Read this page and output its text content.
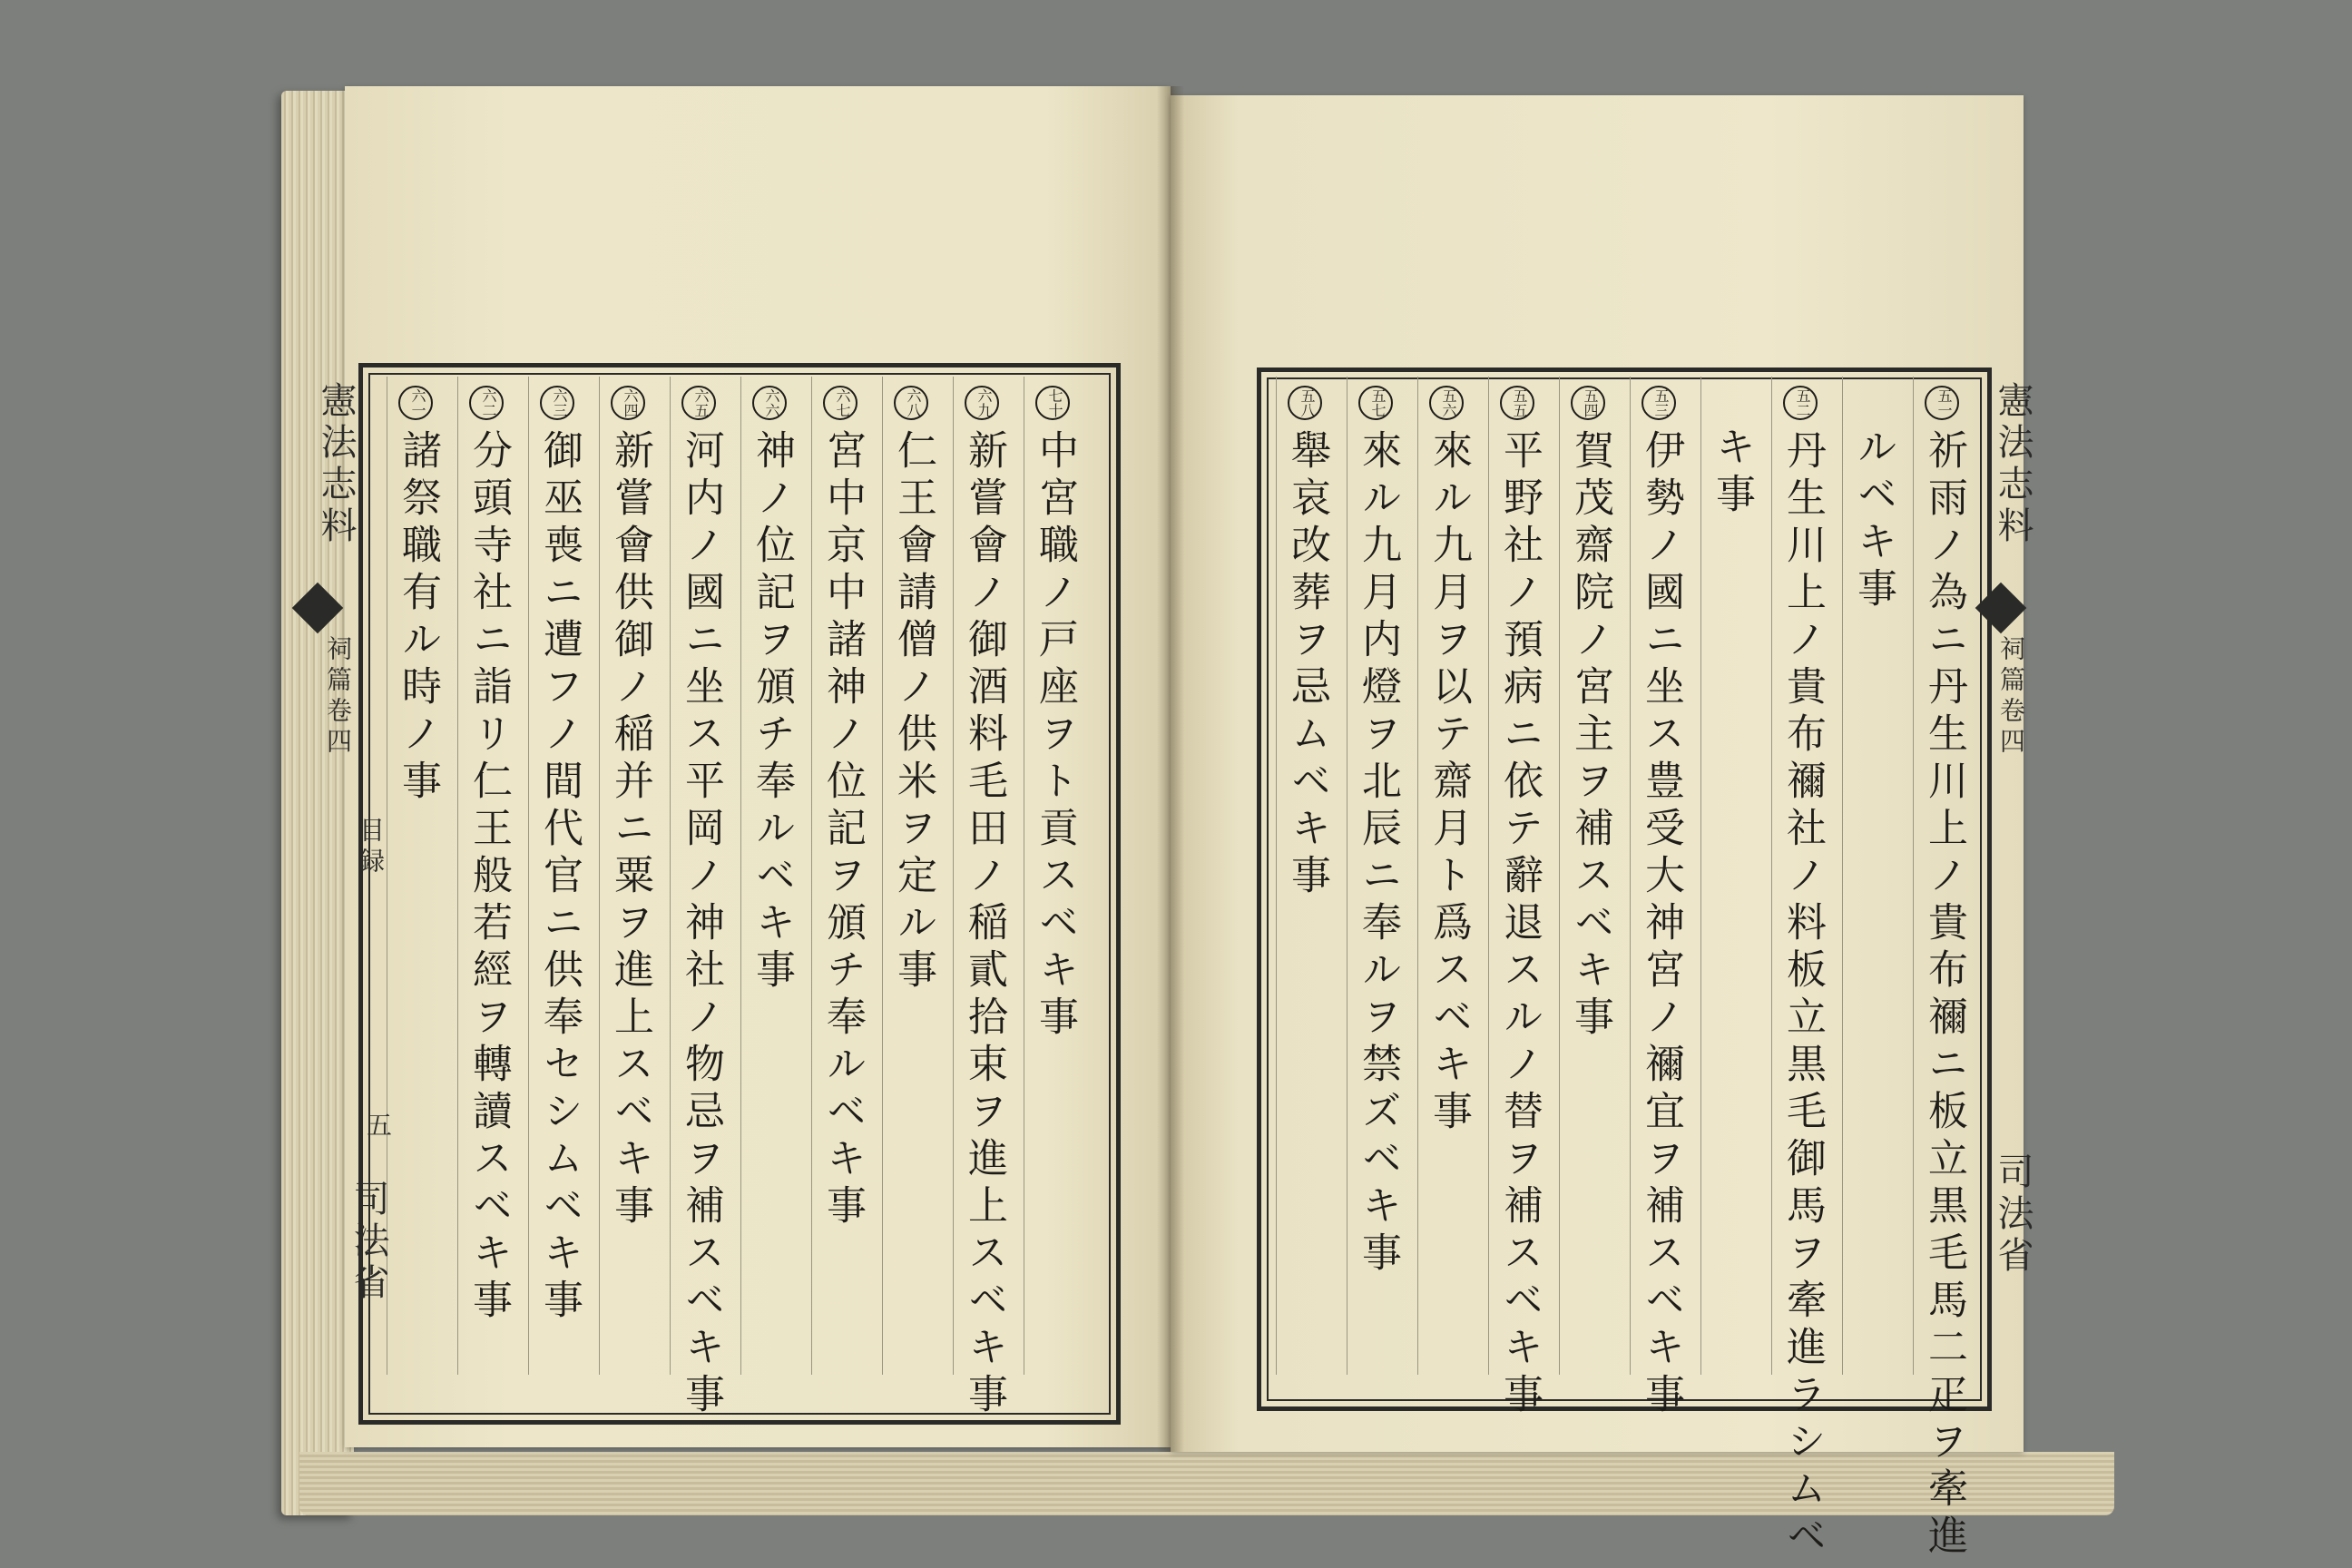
七十中宮職ノ戸座ヲト貢スベキ事
六九新嘗會ノ御酒料毛田ノ稲貳拾束ヲ進上スベキ事
六八仁王會請僧ノ供米ヲ定ル事
六七宮中京中諸神ノ位記ヲ頒チ奉ルベキ事
六六神ノ位記ヲ頒チ奉ルベキ事
六五河内ノ國ニ坐ス平岡ノ神社ノ物忌ヲ補スベキ事
六四新嘗會供御ノ稲并ニ粟ヲ進上スベキ事
六三御巫喪ニ遭フノ間代官ニ供奉セシムベキ事
六二分頭寺社ニ詣リ仁王般若經ヲ轉讀スベキ事
六一諸祭職有ル時ノ事
憲法志料
祠篇卷四
目録
五
司法省
五一祈雨ノ為ニ丹生川上ノ貴布禰ニ板立黒毛馬二疋ヲ牽進
ルベキ事
五二丹生川上ノ貴布禰社ノ料板立黒毛御馬ヲ牽進ラシムベ
キ事
五三伊勢ノ國ニ坐ス豊受大神宮ノ禰宜ヲ補スベキ事
五四賀茂齋院ノ宮主ヲ補スベキ事
五五平野社ノ預病ニ依テ辭退スルノ替ヲ補スベキ事
五六來ル九月ヲ以テ齋月ト爲スベキ事
五七來ル九月内燈ヲ北辰ニ奉ルヲ禁ズベキ事
五八舉哀改葬ヲ忌ムベキ事	憲法志料
祠篇卷四
司法省
